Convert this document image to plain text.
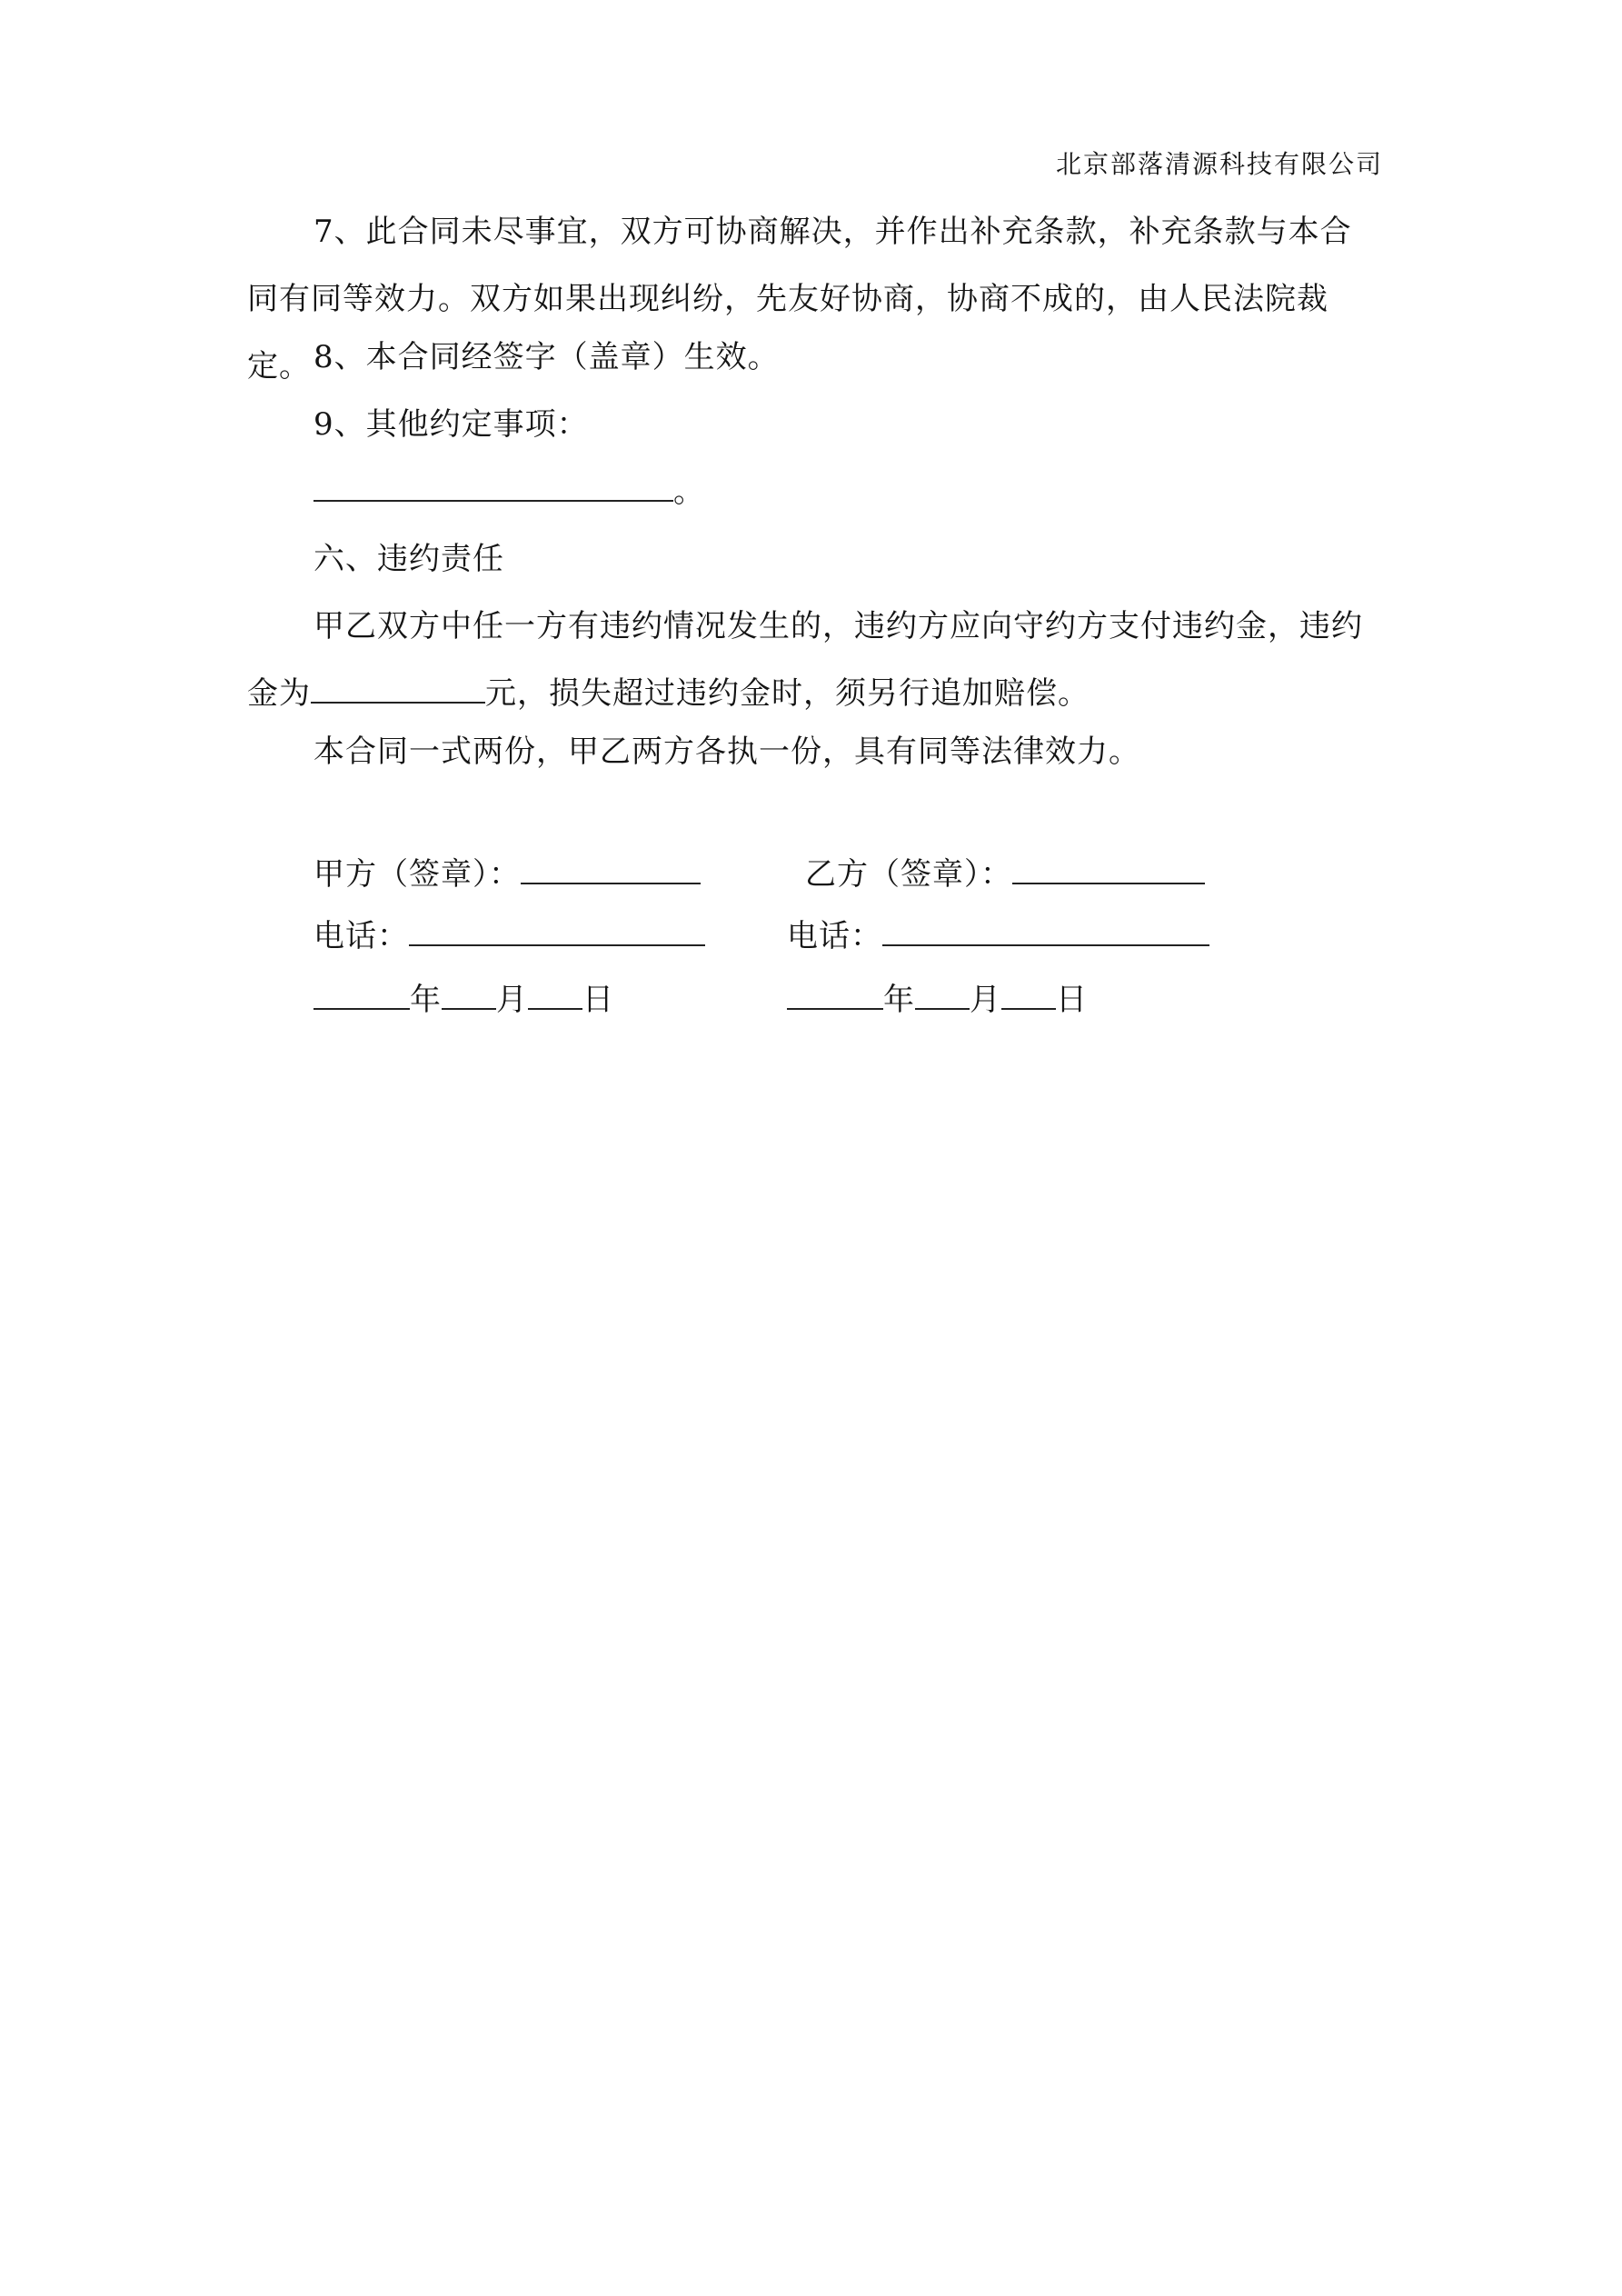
北京部落清源科技有限公司

7、此合同未尽事宜，双方可协商解决，并作出补充条款，补充条款与本合同有同等效力。双方如果出现纠纷，先友好协商，协商不成的，由人民法院裁定。 8、本合同经签字（盖章）生效。

9、其他约定事项：

。

六、违约责任

甲乙双方中任一方有违约情况发生的，违约方应向守约方支付违约金，违约金为	元，损失超过违约金时，须另行追加赔偿。

本合同一式两份，甲乙两方各执一份，具有同等法律效力。

甲方（签章）：
电话：
年 月 日
乙方（签章）：
电话：
年 月 日
